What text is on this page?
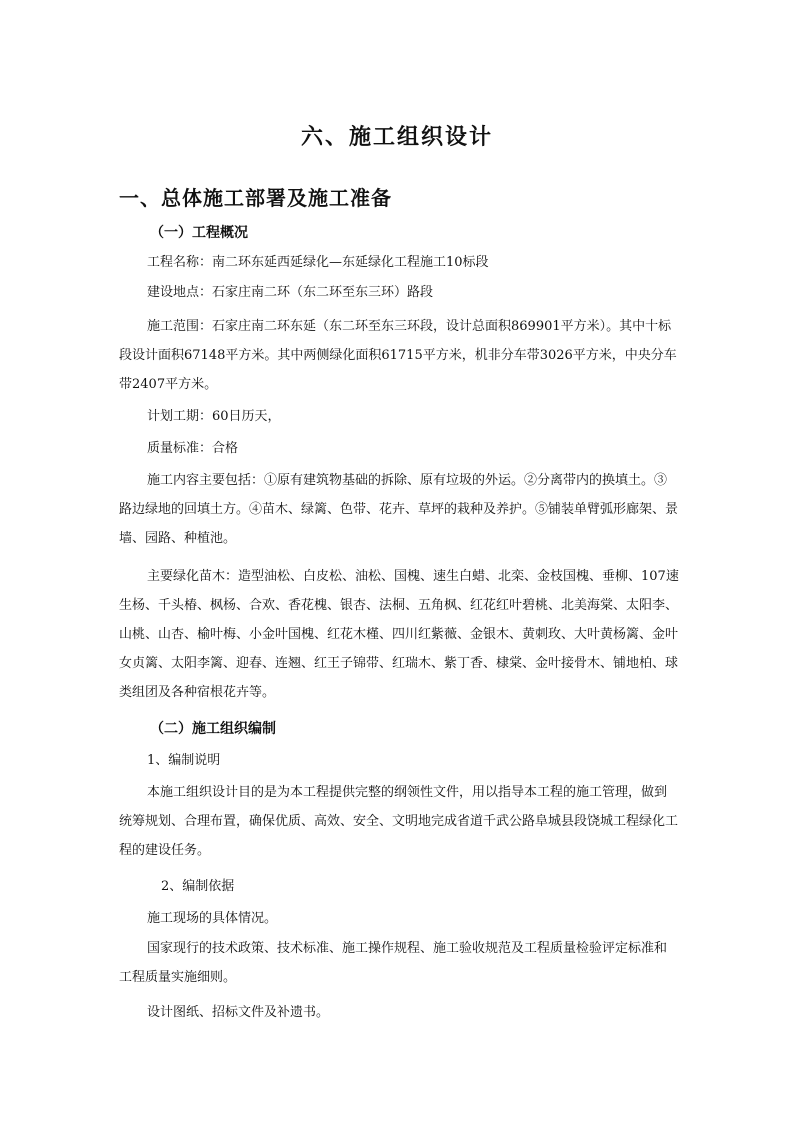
六、施工组织设计
一、总体施工部署及施工准备
（一）工程概况
工程名称：南二环东延西延绿化—东延绿化工程施工10标段
建设地点：石家庄南二环（东二环至东三环）路段
施工范围：石家庄南二环东延（东二环至东三环段，设计总面积869901平方米）。其中十标段设计面积67148平方米。其中两侧绿化面积61715平方米，机非分车带3026平方米，中央分车带2407平方米。
计划工期：60日历天，
质量标准：合格
施工内容主要包括：①原有建筑物基础的拆除、原有垃圾的外运。②分离带内的换填土。③路边绿地的回填土方。④苗木、绿篱、色带、花卉、草坪的栽种及养护。⑤铺装单臂弧形廊架、景墙、园路、种植池。
主要绿化苗木：造型油松、白皮松、油松、国槐、速生白蜡、北栾、金枝国槐、垂柳、107速生杨、千头椿、枫杨、合欢、香花槐、银杏、法桐、五角枫、红花红叶碧桃、北美海棠、太阳李、山桃、山杏、榆叶梅、小金叶国槐、红花木槿、四川红紫薇、金银木、黄刺玫、大叶黄杨篱、金叶女贞篱、太阳李篱、迎春、连翘、红王子锦带、红瑞木、紫丁香、棣棠、金叶接骨木、铺地柏、球类组团及各种宿根花卉等。
（二）施工组织编制
1、编制说明
本施工组织设计目的是为本工程提供完整的纲领性文件，用以指导本工程的施工管理，做到统筹规划、合理布置，确保优质、高效、安全、文明地完成省道千武公路阜城县段饶城工程绿化工程的建设任务。
2、编制依据
施工现场的具体情况。
国家现行的技术政策、技术标准、施工操作规程、施工验收规范及工程质量检验评定标准和工程质量实施细则。
设计图纸、招标文件及补遗书。
